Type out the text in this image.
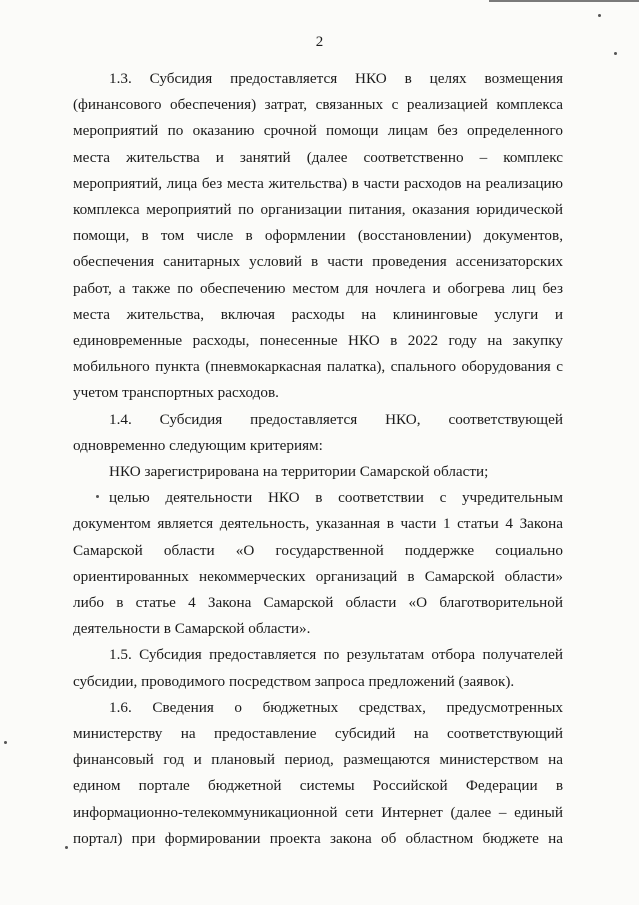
2
1.3. Субсидия предоставляется НКО в целях возмещения
(финансового обеспечения) затрат, связанных с реализацией комплекса
мероприятий по оказанию срочной помощи лицам без определенного
места жительства и занятий (далее соответственно – комплекс
мероприятий, лица без места жительства) в части расходов на реализацию
комплекса мероприятий по организации питания, оказания юридической
помощи, в том числе в оформлении (восстановлении) документов,
обеспечения санитарных условий в части проведения ассенизаторских
работ, а также по обеспечению местом для ночлега и обогрева лиц без
места жительства, включая расходы на клининговые услуги и
единовременные расходы, понесенные НКО в 2022 году на закупку
мобильного пункта (пневмокаркасная палатка), спального оборудования с
учетом транспортных расходов.
1.4. Субсидия предоставляется НКО, соответствующей
одновременно следующим критериям:
НКО зарегистрирована на территории Самарской области;
целью деятельности НКО в соответствии с учредительным
документом является деятельность, указанная в части 1 статьи 4 Закона
Самарской области «О государственной поддержке социально
ориентированных некоммерческих организаций в Самарской области»
либо в статье 4 Закона Самарской области «О благотворительной
деятельности в Самарской области».
1.5. Субсидия предоставляется по результатам отбора получателей
субсидии, проводимого посредством запроса предложений (заявок).
1.6. Сведения о бюджетных средствах, предусмотренных
министерству на предоставление субсидий на соответствующий
финансовый год и плановый период, размещаются министерством на
едином портале бюджетной системы Российской Федерации в
информационно-телекоммуникационной сети Интернет (далее – единый
портал) при формировании проекта закона об областном бюджете на
